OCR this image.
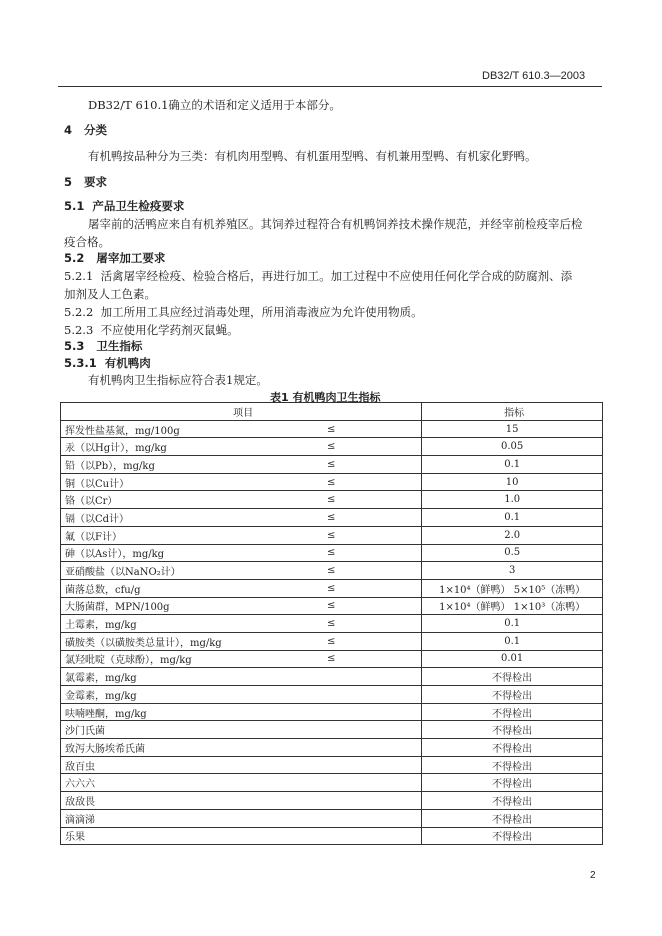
DB32/T 610.3—2003
DB32/T 610.1确立的术语和定义适用于本部分。
4 分类
有机鸭按品种分为三类：有机肉用型鸭、有机蛋用型鸭、有机兼用型鸭、有机家化野鸭。
5 要求
5.1 产品卫生检疫要求
屠宰前的活鸭应来自有机养殖区。其饲养过程符合有机鸭饲养技术操作规范，并经宰前检疫宰后检
疫合格。
5.2 屠宰加工要求
5.2.1 活禽屠宰经检疫、检验合格后，再进行加工。加工过程中不应使用任何化学合成的防腐剂、添
加剂及人工色素。
5.2.2 加工所用工具应经过消毒处理，所用消毒液应为允许使用物质。
5.2.3 不应使用化学药剂灭鼠蝇。
5.3 卫生指标
5.3.1 有机鸭肉
有机鸭肉卫生指标应符合表1规定。
表1 有机鸭肉卫生指标
项目		指标
挥发性盐基氮，mg/100g	≤	15
汞（以Hg计），mg/kg	≤	0.05
铅（以Pb），mg/kg	≤	0.1
铜（以Cu计）	≤	10
铬（以Cr）	≤	1.0
镉（以Cd计）	≤	0.1
氟（以F计）	≤	2.0
砷（以As计），mg/kg	≤	0.5
亚硝酸盐（以NaNO₂计）	≤	3
菌落总数，cfu/g	≤	1×10⁴（鲜鸭） 5×10⁵（冻鸭）
大肠菌群，MPN/100g	≤	1×10⁴（鲜鸭） 1×10³（冻鸭）
土霉素，mg/kg	≤	0.1
磺胺类（以磺胺类总量计），mg/kg	≤	0.1
氯羟吡啶（克球酚），mg/kg	≤	0.01
氯霉素，mg/kg		不得检出
金霉素，mg/kg		不得检出
呋喃唑酮，mg/kg		不得检出
沙门氏菌		不得检出
致泻大肠埃希氏菌		不得检出
敌百虫		不得检出
六六六		不得检出
敌敌畏		不得检出
滴滴涕		不得检出
乐果		不得检出
2
